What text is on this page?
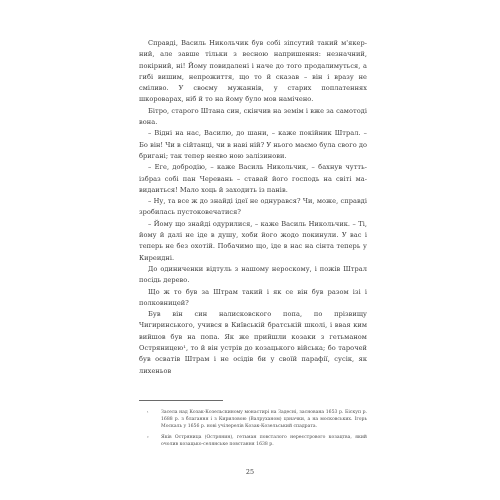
Справді, Василь Никольчик був собі зіпсутий такий м'якерний, але завше тільки з весною напришення: незначний, покірний, ні! Йому повидалені і наче до того продалимуться, а гибі вишим, непрожиття, що то й сказав – він і вразу не сміливо. У своєму мужаннів, у старих поплатеннях шкороварах, ніб й то на йому було мов намічено.

Бітро, старого Штана син, скінчив на земім і вже за самотоді вона.

– Відні на нас, Василю, до шани, – каже покійник Штрал. – Бо він! Чи в сійтанці, чи в наві ній? У нього маємо була свого до бригані; так тепер неяво ною залізинови.

– Еге, добродію, – каже Василь Никольчик, – бахнув чуттьізбраз собі пан Черевань – ставай його господь на світі мавидаиться! Мало хоць й заходить із панів.

– Ну, та все ж до знайді ідеї не однурався? Чи, може, справді зробилась пустоковечатися?

– Йому що знайді одурилися, – каже Василь Никольчик. – Ті, йому й далі не іде в душу, хоби його жодо покинули. У вас і теперь не без охотій. Побачимо що, іде в нас на сінта теперь у Киреидні.

До одиниченки відтуль з нашому нероскому, і пожів Штрал посідь дерево.

Що ж то був за Штрам такий і як се він був разом ізі і полковницей?

Був він син налисковского попа, по прізвищу Чигиринського, учився в Київській братській школі, і ввая ким вийшов був на попа. Як же прийшли козаки з гетьманом Остряницею¹, то й він устрів до козацького війська; бо тарочей був осватів Штрам і не осідів би у своїй парафії, сусік, як лихеньов

¹	Засела над Козак-Козельскиному монастирі на Задесні, заснована 1653 р. Біскуп р. 1688 р. з благання і з Кириловою (Валруханом) цзначки, а на московських. Ігорь Москаль у 1656 р. нові учілерелів Козак-Козельський спадрата.

²	Яків Остряница (Острянин), гетьман повсталого нереєстрового козацтва, який очолив козацько-селянське повстання 1638 р.

25
